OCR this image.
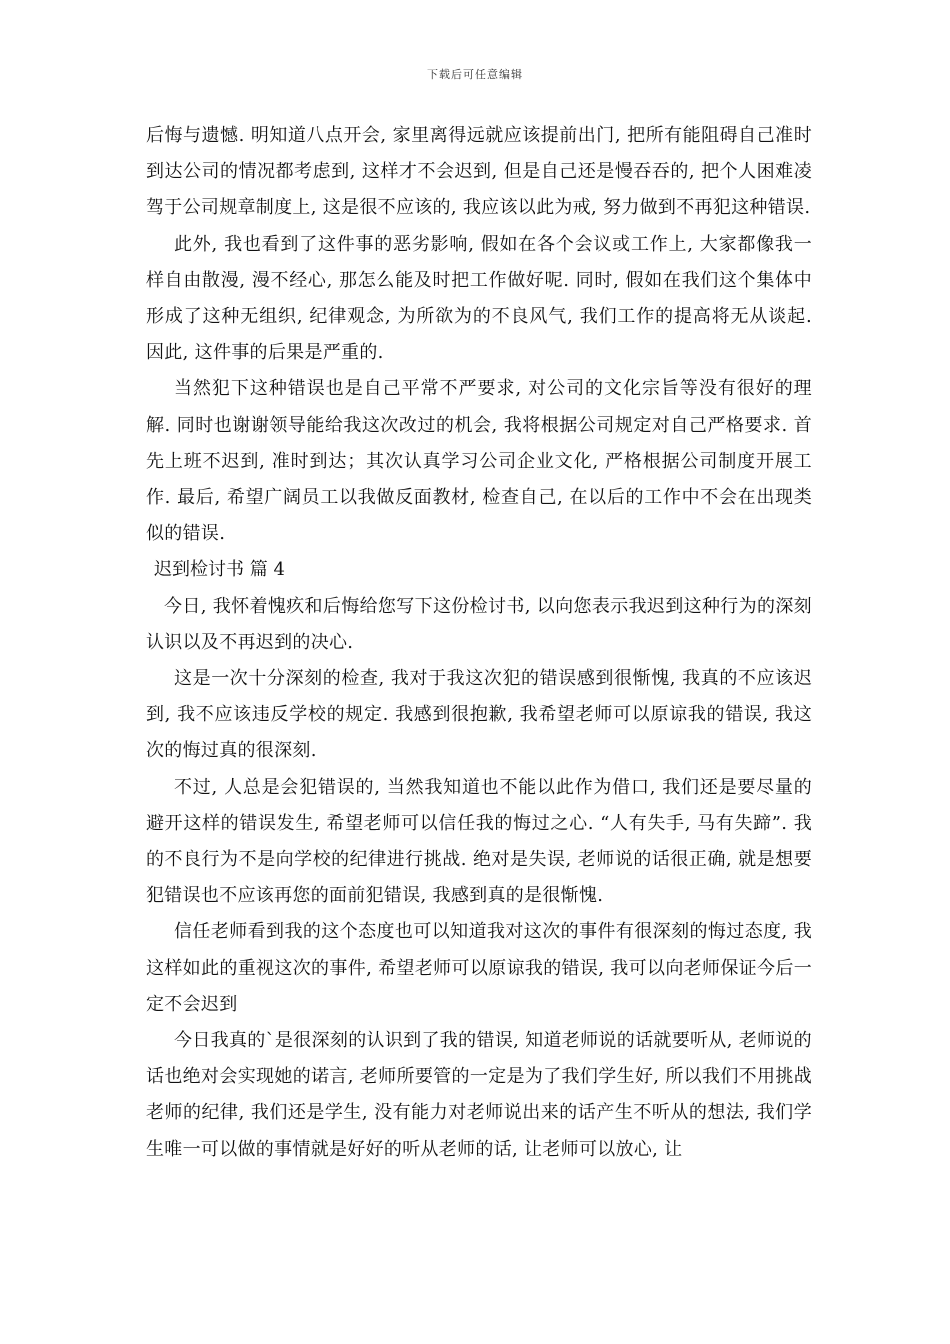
下载后可任意编辑

后悔与遗憾. 明知道八点开会, 家里离得远就应该提前出门, 把所有能阻碍自己准时到达公司的情况都考虑到, 这样才不会迟到, 但是自己还是慢吞吞的, 把个人困难凌驾于公司规章制度上, 这是很不应该的, 我应该以此为戒, 努力做到不再犯这种错误.

此外, 我也看到了这件事的恶劣影响, 假如在各个会议或工作上, 大家都像我一样自由散漫, 漫不经心, 那怎么能及时把工作做好呢. 同时, 假如在我们这个集体中形成了这种无组织, 纪律观念, 为所欲为的不良风气, 我们工作的提高将无从谈起. 因此, 这件事的后果是严重的.

当然犯下这种错误也是自己平常不严要求, 对公司的文化宗旨等没有很好的理解. 同时也谢谢领导能给我这次改过的机会, 我将根据公司规定对自己严格要求. 首先上班不迟到, 准时到达；其次认真学习公司企业文化, 严格根据公司制度开展工作. 最后, 希望广阔员工以我做反面教材, 检查自己, 在以后的工作中不会在出现类似的错误.

迟到检讨书 篇 4

今日, 我怀着愧疚和后悔给您写下这份检讨书, 以向您表示我迟到这种行为的深刻认识以及不再迟到的决心.

这是一次十分深刻的检查, 我对于我这次犯的错误感到很惭愧, 我真的不应该迟到, 我不应该违反学校的规定. 我感到很抱歉, 我希望老师可以原谅我的错误, 我这次的悔过真的很深刻.

不过, 人总是会犯错误的, 当然我知道也不能以此作为借口, 我们还是要尽量的避开这样的错误发生, 希望老师可以信任我的悔过之心. “人有失手, 马有失蹄”. 我的不良行为不是向学校的纪律进行挑战. 绝对是失误, 老师说的话很正确, 就是想要犯错误也不应该再您的面前犯错误, 我感到真的是很惭愧.

信任老师看到我的这个态度也可以知道我对这次的事件有很深刻的悔过态度, 我这样如此的重视这次的事件, 希望老师可以原谅我的错误, 我可以向老师保证今后一定不会迟到

今日我真的`是很深刻的认识到了我的错误, 知道老师说的话就要听从, 老师说的话也绝对会实现她的诺言, 老师所要管的一定是为了我们学生好, 所以我们不用挑战老师的纪律, 我们还是学生, 没有能力对老师说出来的话产生不听从的想法, 我们学生唯一可以做的事情就是好好的听从老师的话, 让老师可以放心, 让
